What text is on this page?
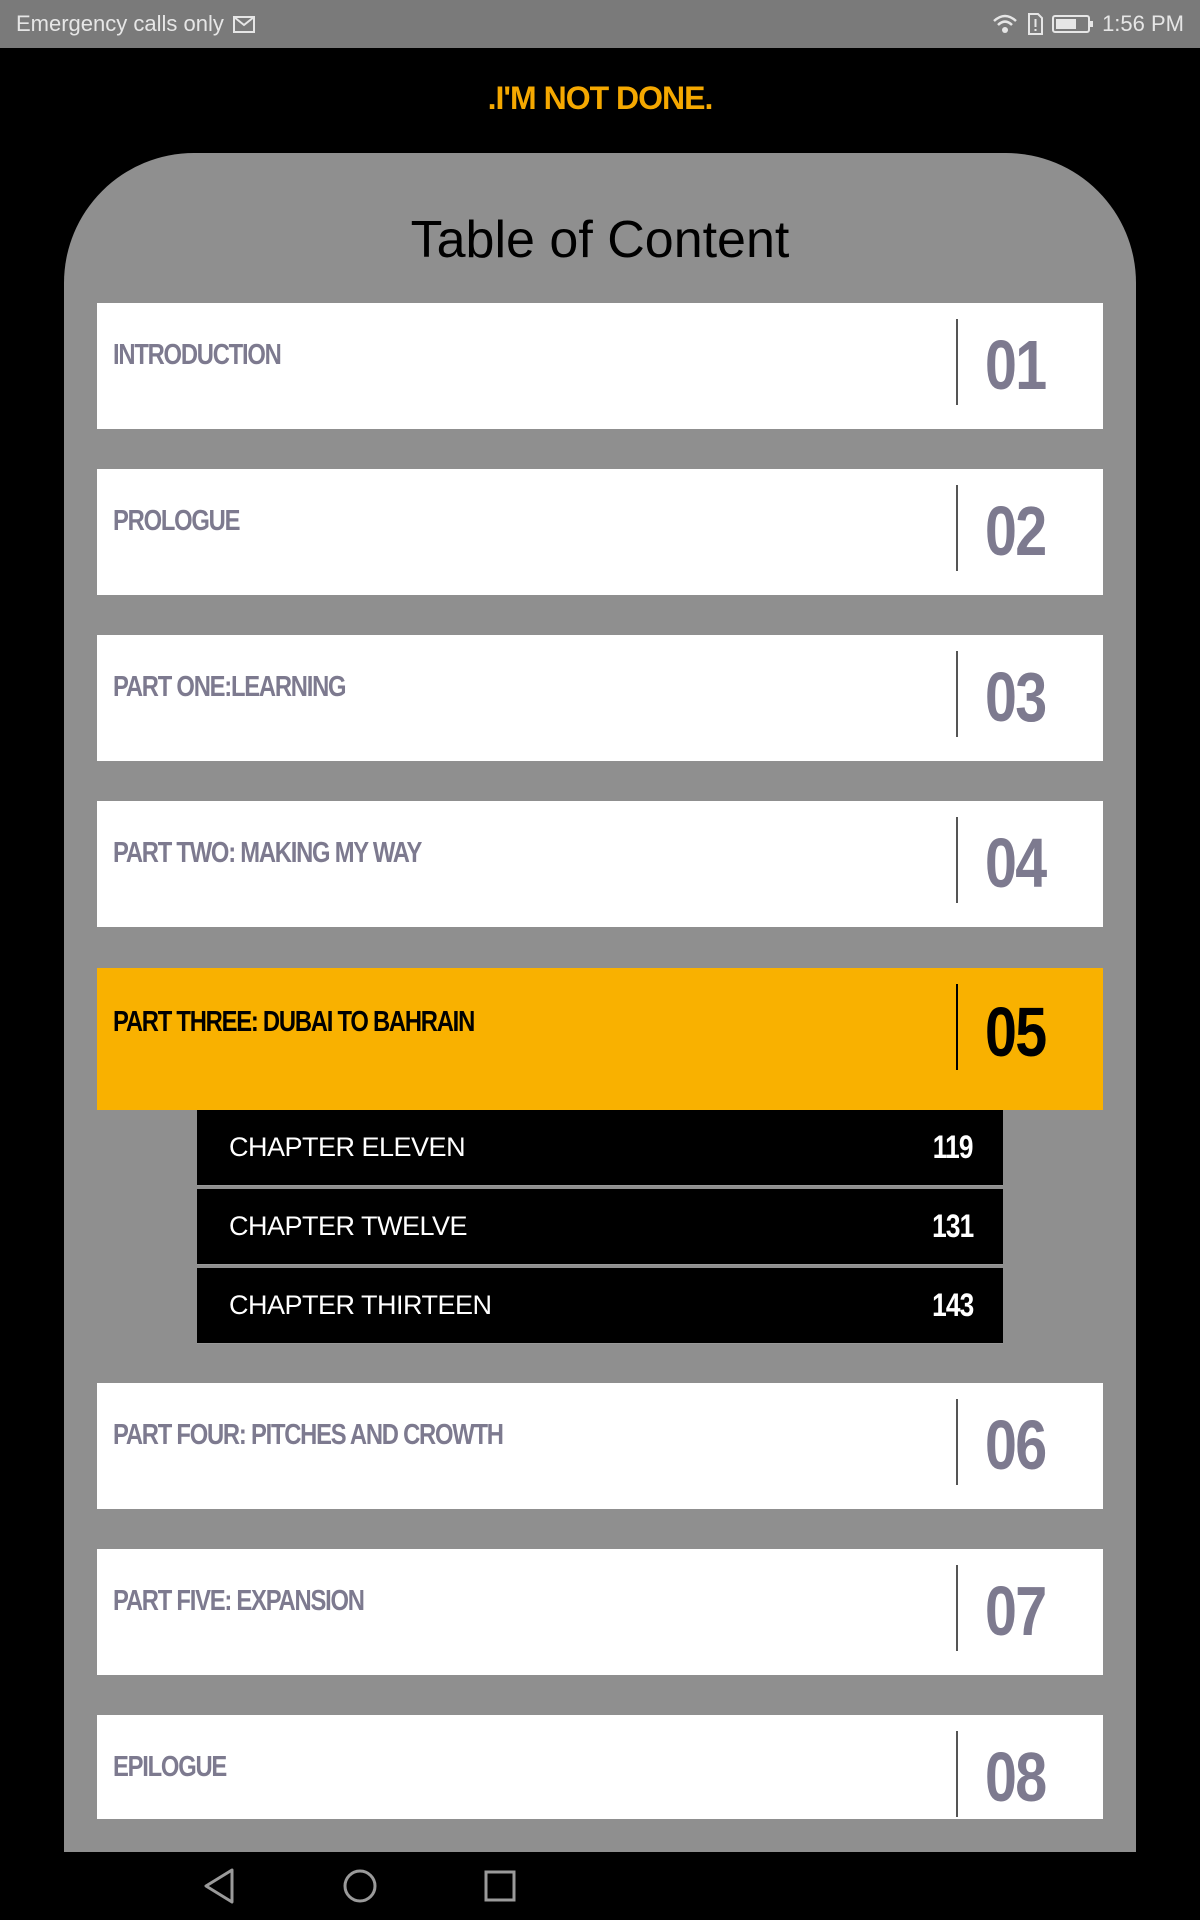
Emergency calls only	1:56 PM
.I'M NOT DONE.
Table of Content
INTRODUCTION	01
PROLOGUE	02
PART ONE:LEARNING	03
PART TWO: MAKING MY WAY	04
PART THREE: DUBAI TO BAHRAIN	05
CHAPTER ELEVEN	119
CHAPTER TWELVE	131
CHAPTER THIRTEEN	143
PART FOUR: PITCHES AND CROWTH	06
PART FIVE: EXPANSION	07
EPILOGUE	08
